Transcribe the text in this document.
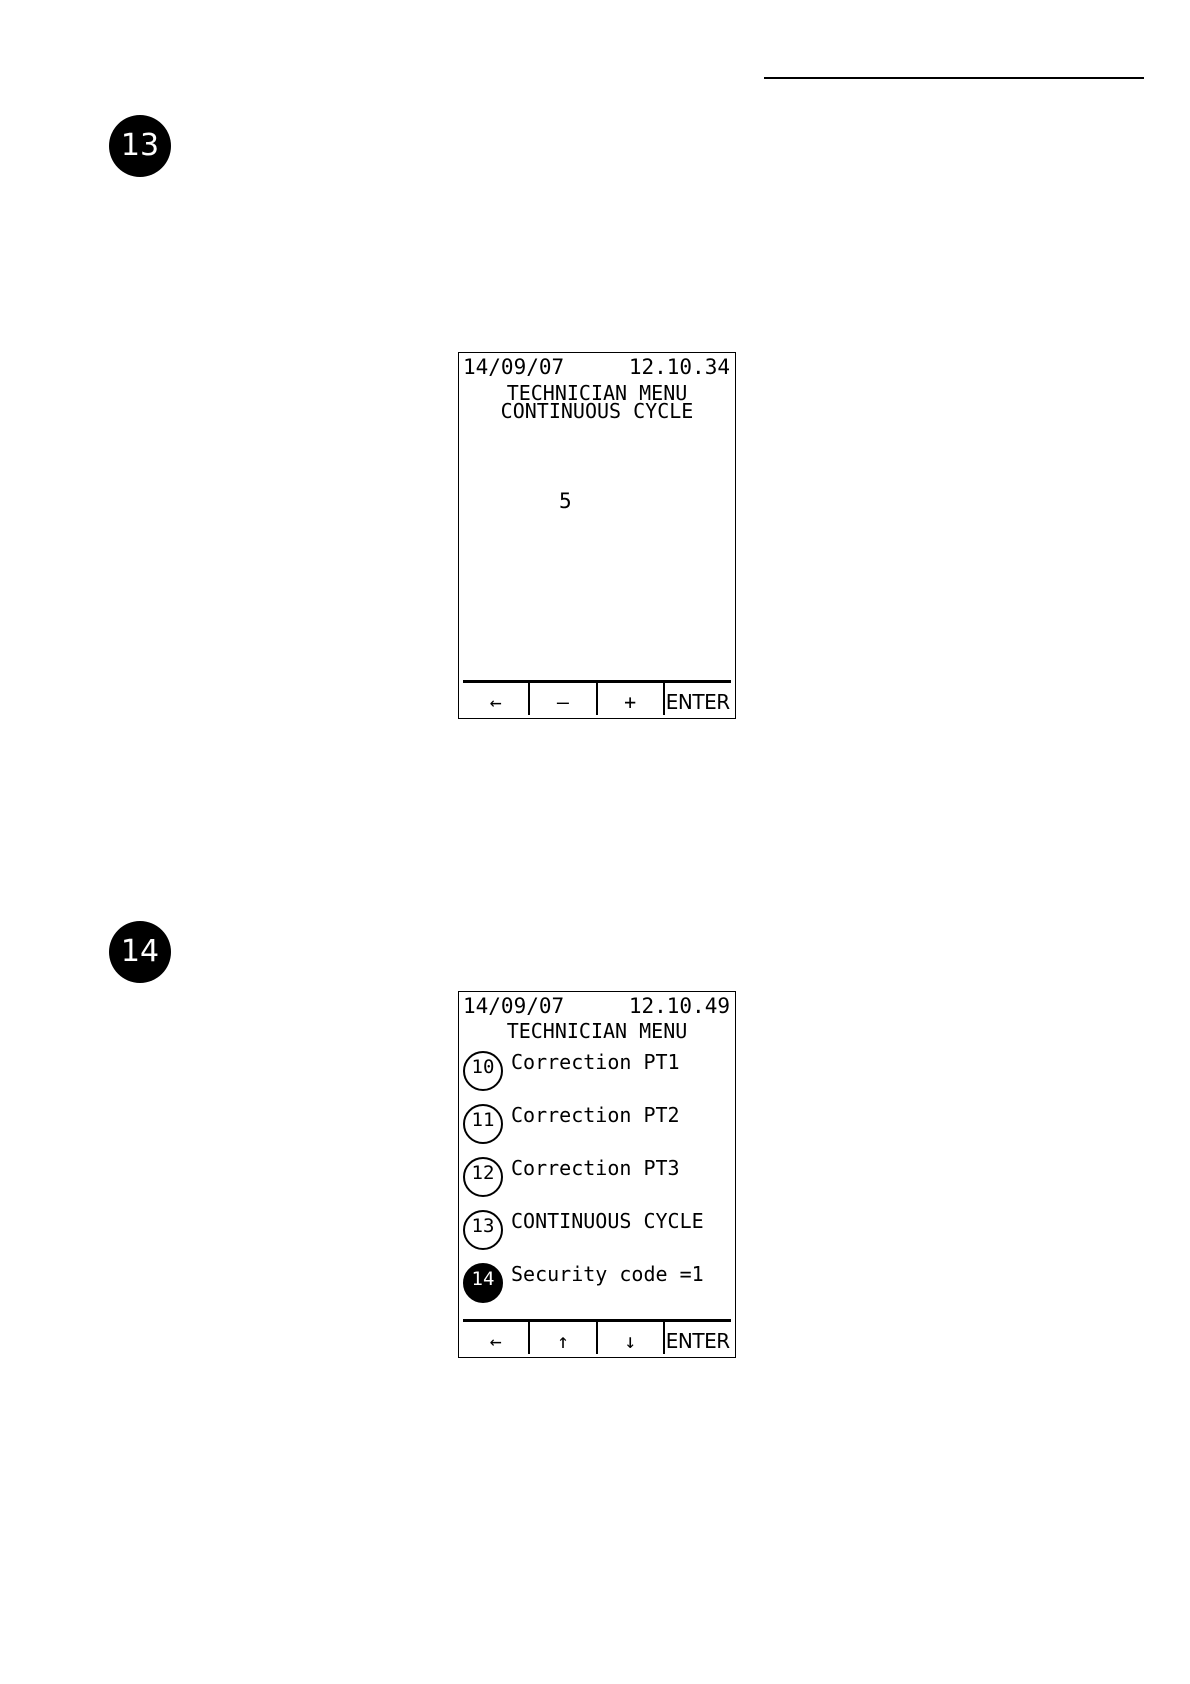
13
14/09/07	12.10.34
TECHNICIAN MENU
CONTINUOUS CYCLE
5
←	–	+	ENTER
14
14/09/07	12.10.49
TECHNICIAN MENU
10 Correction PT1
11 Correction PT2
12 Correction PT3
13 CONTINUOUS CYCLE
14 Security code =1
←	↑	↓	ENTER
